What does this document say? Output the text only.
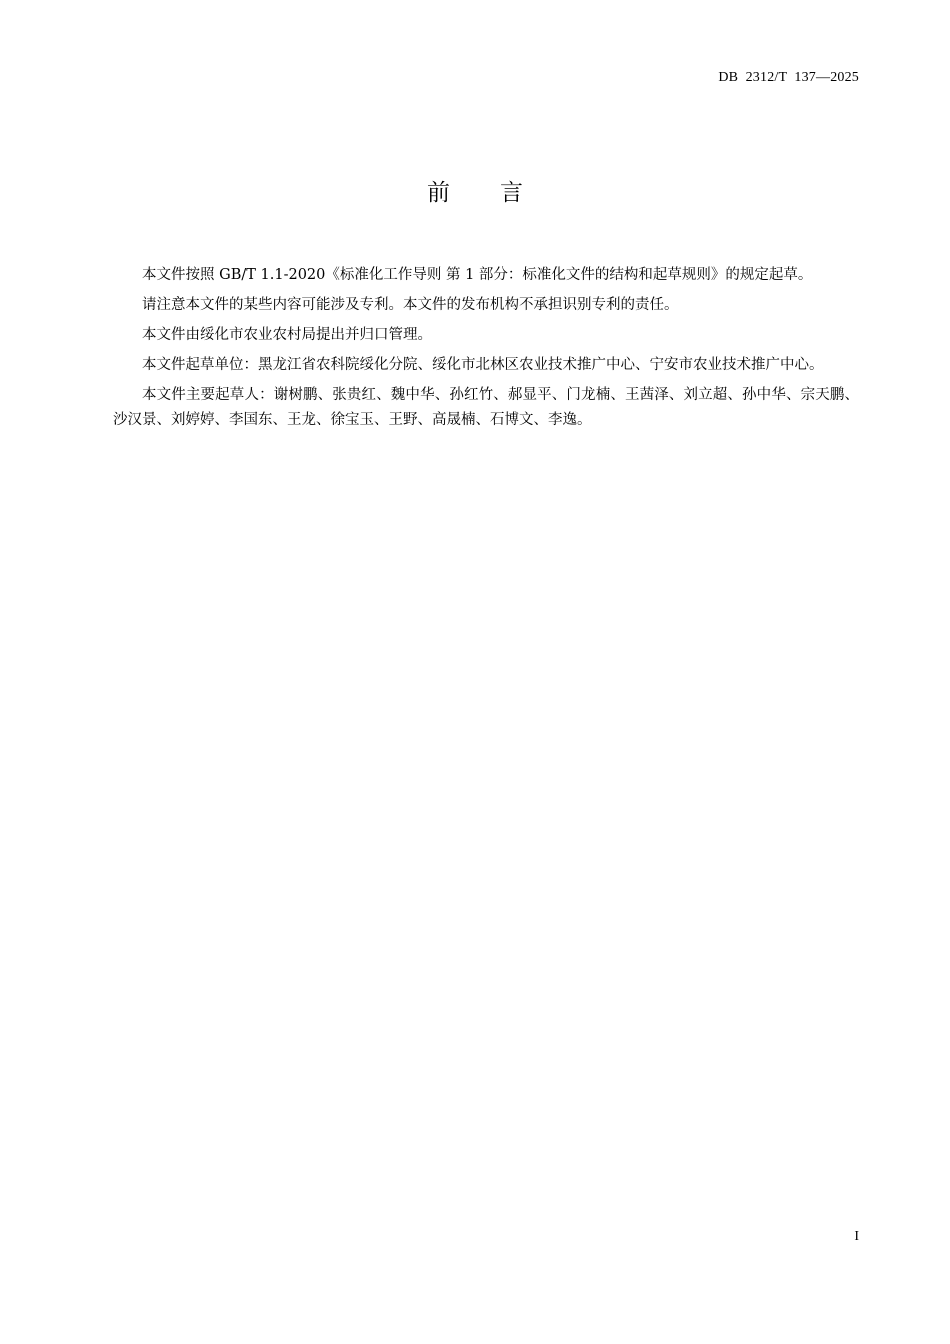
DB  2312/T  137—2025
前言

本文件按照 GB/T 1.1-2020《标准化工作导则 第 1 部分：标准化文件的结构和起草规则》的规定起草。

请注意本文件的某些内容可能涉及专利。本文件的发布机构不承担识别专利的责任。

本文件由绥化市农业农村局提出并归口管理。

本文件起草单位：黑龙江省农科院绥化分院、绥化市北林区农业技术推广中心、宁安市农业技术推广中心。

本文件主要起草人：谢树鹏、张贵红、魏中华、孙红竹、郝显平、门龙楠、王茜泽、刘立超、孙中华、宗天鹏、沙汉景、刘婷婷、李国东、王龙、徐宝玉、王野、高晟楠、石博文、李逸。

I
